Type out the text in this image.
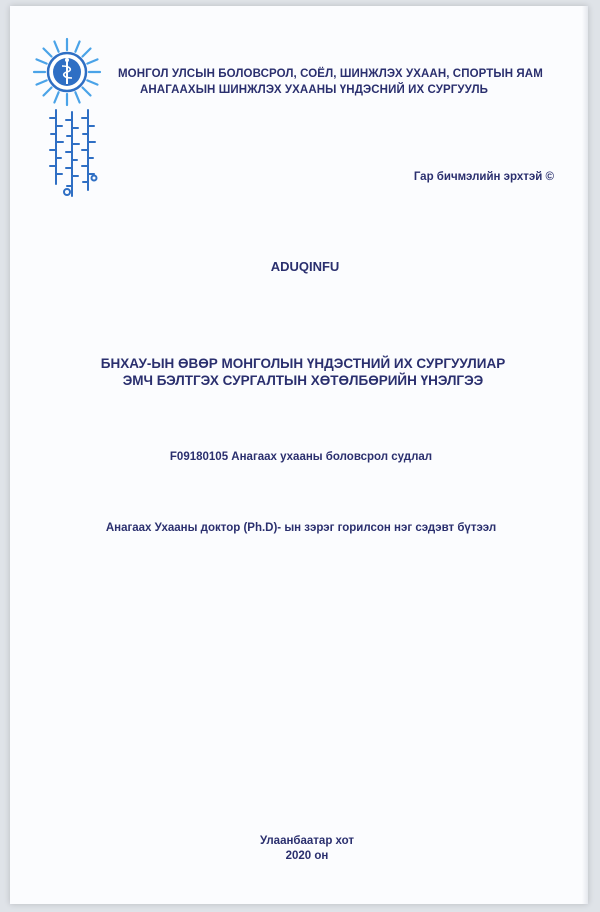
МОНГОЛ УЛСЫН БОЛОВСРОЛ, СОЁЛ, ШИНЖЛЭХ УХААН, СПОРТЫН ЯАМ
АНАГААХЫН ШИНЖЛЭХ УХААНЫ ҮНДЭСНИЙ ИХ СУРГУУЛЬ
Гар бичмэлийн эрхтэй ©
ADUQINFU
БНХАУ-ЫН ӨВӨР МОНГОЛЫН ҮНДЭСТНИЙ ИХ СУРГУУЛИАР
ЭМЧ БЭЛТГЭХ СУРГАЛТЫН ХӨТӨЛБӨРИЙН ҮНЭЛГЭЭ
F09180105 Анагаах ухааны боловсрол судлал
Анагаах Ухааны доктор (Ph.D)- ын зэрэг горилсон нэг сэдэвт бүтээл
Улаанбаатар хот
2020 он
